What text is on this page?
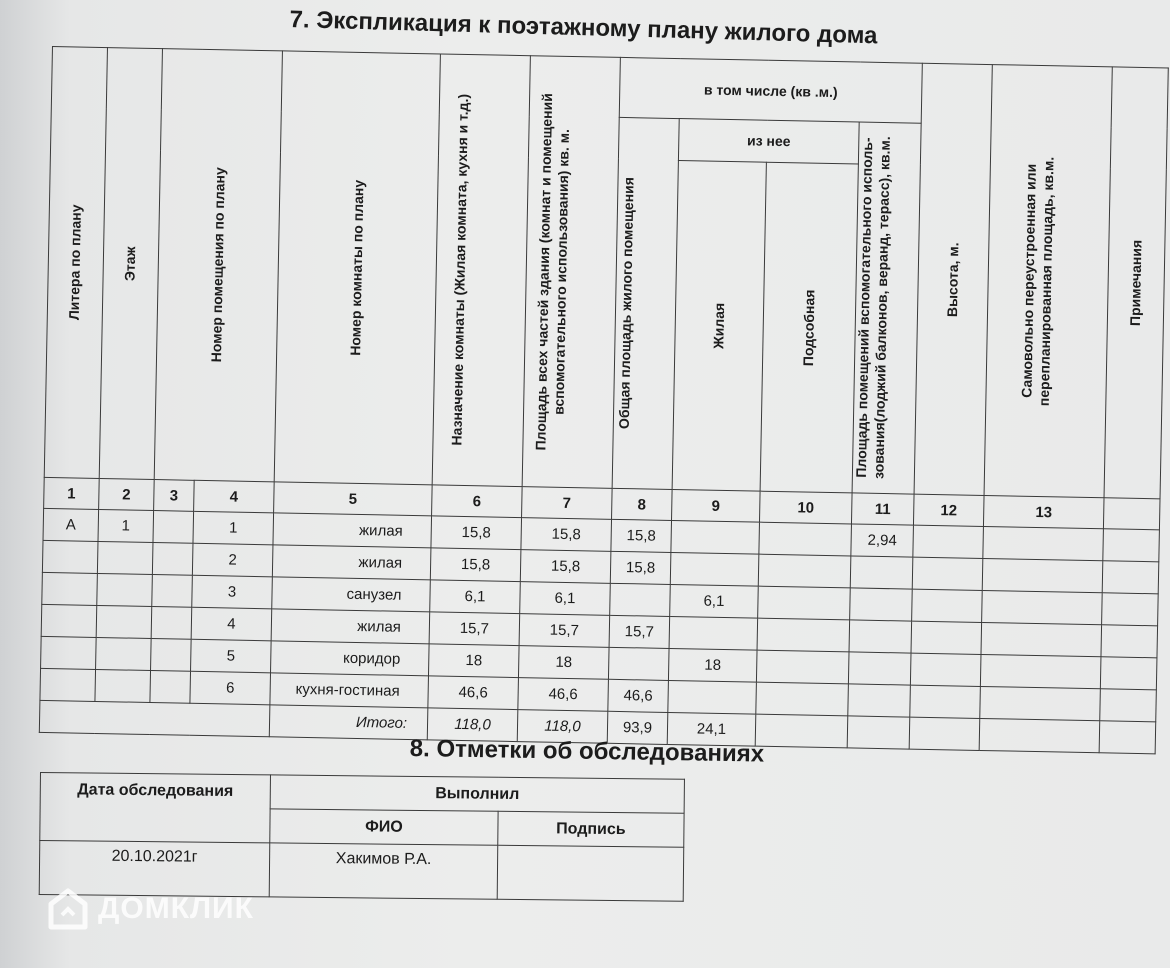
7. Экспликация к поэтажному плану жилого дома
Литера по плану	Этаж	Номер помещения по плану		Номер комнаты по плану	Назначение комнаты (Жилая комната, кухня и т.д.)	Площадь всех частей здания (комнат и помещений вспомогательного использования) кв. м.	в том числе (кв .м.)				Высота, м.	Самовольно переустроенная или перепланированная площадь, кв.м.	Примечания

							Общая площадь жилого помещения	из нее		Площадь помещений вспомогательного исполь-зования(лоджий балконов, веранд, терасс), кв.м.			

								Жилая	Подсобная				

1	2	3	4	5	6	7	8	9	10	11	12	13	
А	1		1	жилая	15,8	15,8	15,8			2,94			
			2	жилая	15,8	15,8	15,8						
			3	санузел	6,1	6,1		6,1					
			4	жилая	15,7	15,7	15,7						
			5	коридор	18	18		18					
			6	кухня-гостиная	46,6	46,6	46,6						
				Итого:	118,0	118,0	93,9	24,1					
8. Отметки об обследованиях
Дата обследования	Выполнил	
	ФИО	Подпись
20.10.2021г	Хакимов Р.А.	
ДОМКЛИК
